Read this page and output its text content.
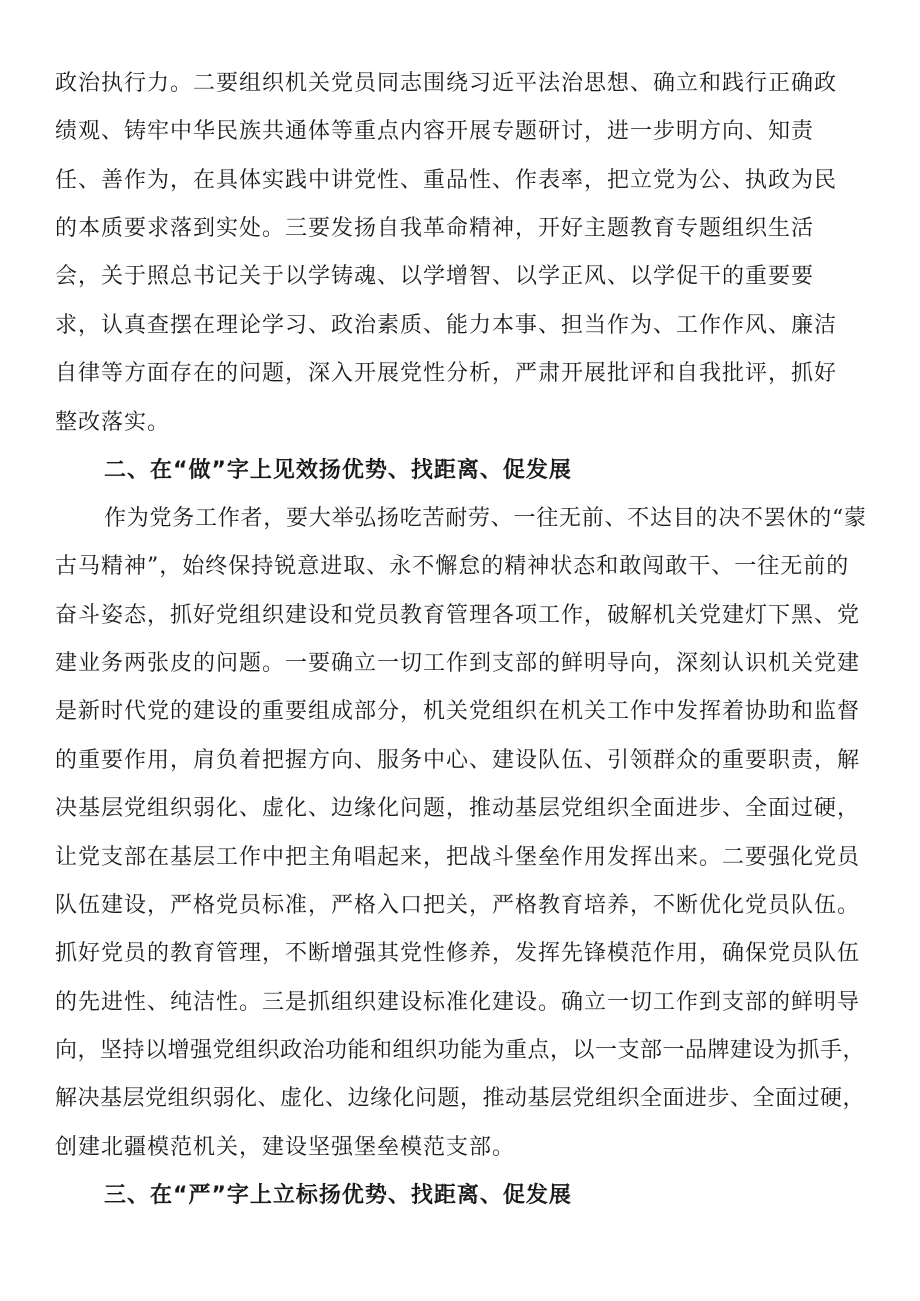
政治执行力。二要组织机关党员同志围绕习近平法治思想、确立和践行正确政
绩观、铸牢中华民族共通体等重点内容开展专题研讨，进一步明方向、知责
任、善作为，在具体实践中讲党性、重品性、作表率，把立党为公、执政为民
的本质要求落到实处。三要发扬自我革命精神，开好主题教育专题组织生活
会，关于照总书记关于以学铸魂、以学增智、以学正风、以学促干的重要要
求，认真查摆在理论学习、政治素质、能力本事、担当作为、工作作风、廉洁
自律等方面存在的问题，深入开展党性分析，严肃开展批评和自我批评，抓好
整改落实。
二、在“做”字上见效扬优势、找距离、促发展
作为党务工作者，要大举弘扬吃苦耐劳、一往无前、不达目的决不罢休的“蒙
古马精神”，始终保持锐意进取、永不懈怠的精神状态和敢闯敢干、一往无前的
奋斗姿态，抓好党组织建设和党员教育管理各项工作，破解机关党建灯下黑、党
建业务两张皮的问题。一要确立一切工作到支部的鲜明导向，深刻认识机关党建
是新时代党的建设的重要组成部分，机关党组织在机关工作中发挥着协助和监督
的重要作用，肩负着把握方向、服务中心、建设队伍、引领群众的重要职责，解
决基层党组织弱化、虚化、边缘化问题，推动基层党组织全面进步、全面过硬，
让党支部在基层工作中把主角唱起来，把战斗堡垒作用发挥出来。二要强化党员
队伍建设，严格党员标准，严格入口把关，严格教育培养，不断优化党员队伍。
抓好党员的教育管理，不断增强其党性修养，发挥先锋模范作用，确保党员队伍
的先进性、纯洁性。三是抓组织建设标准化建设。确立一切工作到支部的鲜明导
向，坚持以增强党组织政治功能和组织功能为重点，以一支部一品牌建设为抓手，
解决基层党组织弱化、虚化、边缘化问题，推动基层党组织全面进步、全面过硬，
创建北疆模范机关，建设坚强堡垒模范支部。
三、在“严”字上立标扬优势、找距离、促发展
